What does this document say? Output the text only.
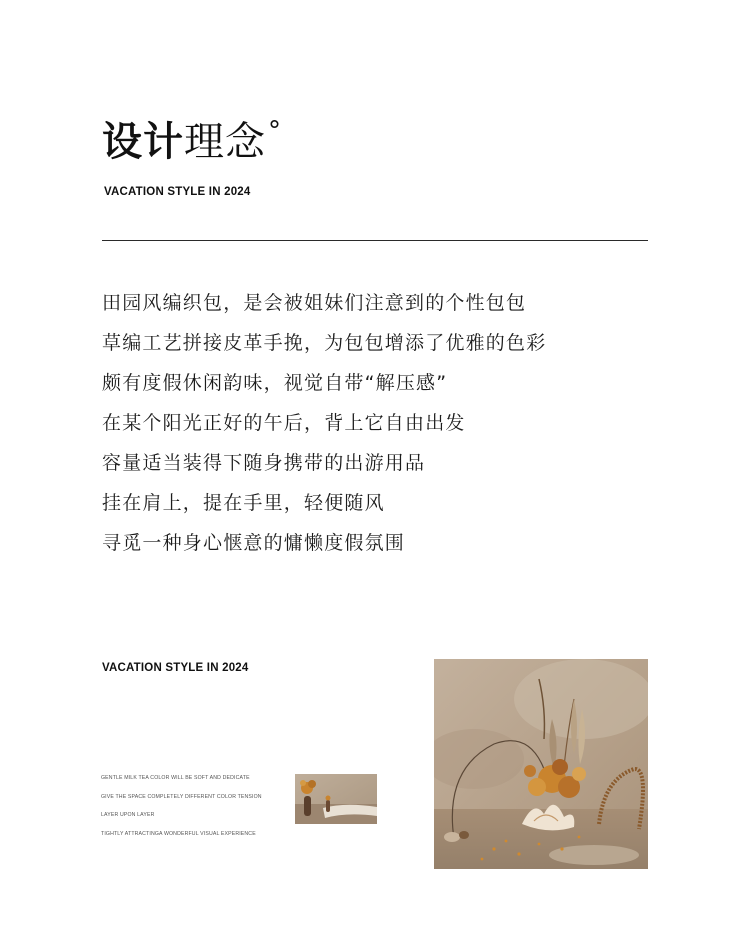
设计 理念 °
VACATION STYLE IN 2024
田园风编织包，是会被姐妹们注意到的个性包包
草编工艺拼接皮革手挽，为包包增添了优雅的色彩
颇有度假休闲韵味，视觉自带“解压感”
在某个阳光正好的午后，背上它自由出发
容量适当装得下随身携带的出游用品
挂在肩上，提在手里，轻便随风
寻觅一种身心惬意的慵懒度假氛围
VACATION STYLE IN 2024
GENTLE MILK TEA COLOR WILL BE SOFT AND DEDICATE
GIVE THE SPACE COMPLETELY DIFFERENT COLOR TENSION
LAYER UPON LAYER
TIGHTLY ATTRACTINGA WONDERFUL VISUAL EXPERIENCE
